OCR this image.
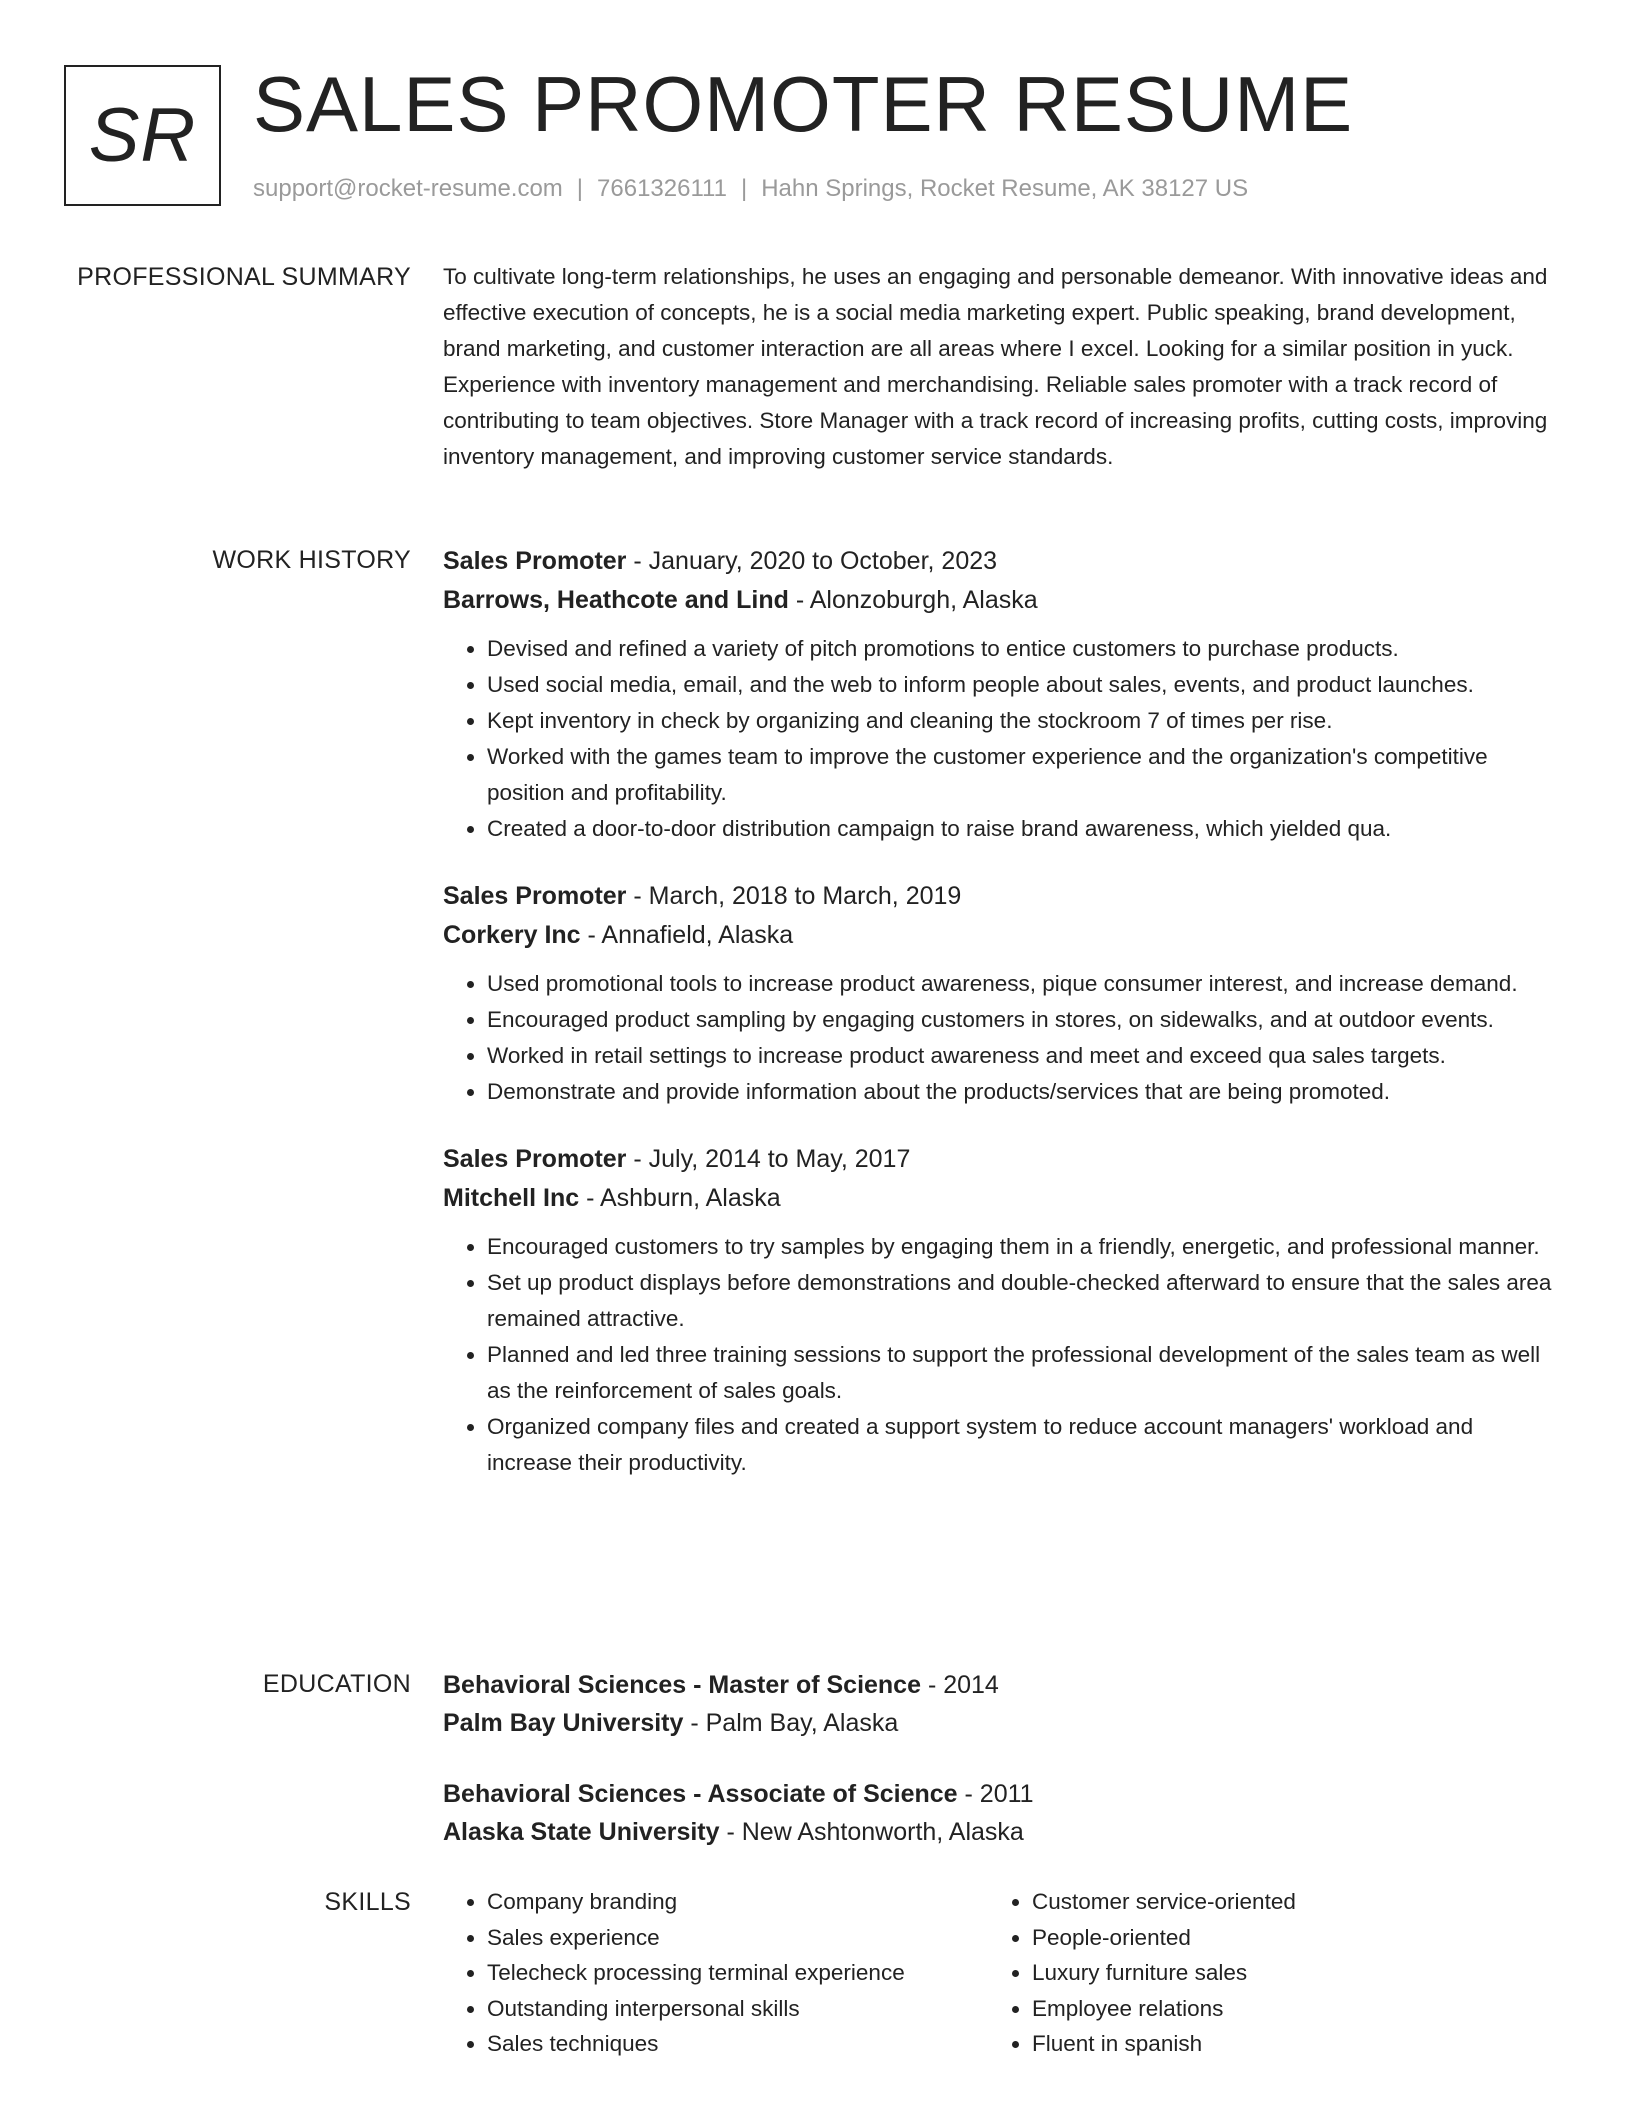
SR SALES PROMOTER RESUME
support@rocket-resume.com | 7661326111 | Hahn Springs, Rocket Resume, AK 38127 US
PROFESSIONAL SUMMARY To cultivate long-term relationships, he uses an engaging and personable demeanor. With innovative ideas and effective execution of concepts, he is a social media marketing expert. Public speaking, brand development, brand marketing, and customer interaction are all areas where I excel. Looking for a similar position in yuck. Experience with inventory management and merchandising. Reliable sales promoter with a track record of contributing to team objectives. Store Manager with a track record of increasing profits, cutting costs, improving inventory management, and improving customer service standards.

WORK HISTORY Sales Promoter - January, 2020 to October, 2023
Barrows, Heathcote and Lind - Alonzoburgh, Alaska
• Devised and refined a variety of pitch promotions to entice customers to purchase products.
• Used social media, email, and the web to inform people about sales, events, and product launches.
• Kept inventory in check by organizing and cleaning the stockroom 7 of times per rise.
• Worked with the games team to improve the customer experience and the organization's competitive position and profitability.
• Created a door-to-door distribution campaign to raise brand awareness, which yielded qua.
Sales Promoter - March, 2018 to March, 2019
Corkery Inc - Annafield, Alaska
• Used promotional tools to increase product awareness, pique consumer interest, and increase demand.
• Encouraged product sampling by engaging customers in stores, on sidewalks, and at outdoor events.
• Worked in retail settings to increase product awareness and meet and exceed qua sales targets.
• Demonstrate and provide information about the products/services that are being promoted.
Sales Promoter - July, 2014 to May, 2017
Mitchell Inc - Ashburn, Alaska
• Encouraged customers to try samples by engaging them in a friendly, energetic, and professional manner.
• Set up product displays before demonstrations and double-checked afterward to ensure that the sales area remained attractive.
• Planned and led three training sessions to support the professional development of the sales team as well as the reinforcement of sales goals.
• Organized company files and created a support system to reduce account managers' workload and increase their productivity.
EDUCATION Behavioral Sciences - Master of Science - 2014
Palm Bay University - Palm Bay, Alaska
Behavioral Sciences - Associate of Science - 2011
Alaska State University - New Ashtonworth, Alaska
SKILLS
•	Company branding
• Sales experience
• Telecheck processing terminal experience
• Outstanding interpersonal skills
• Sales techniques
• Customer service-oriented
• People-oriented
• Luxury furniture sales
• Employee relations
• Fluent in spanish
